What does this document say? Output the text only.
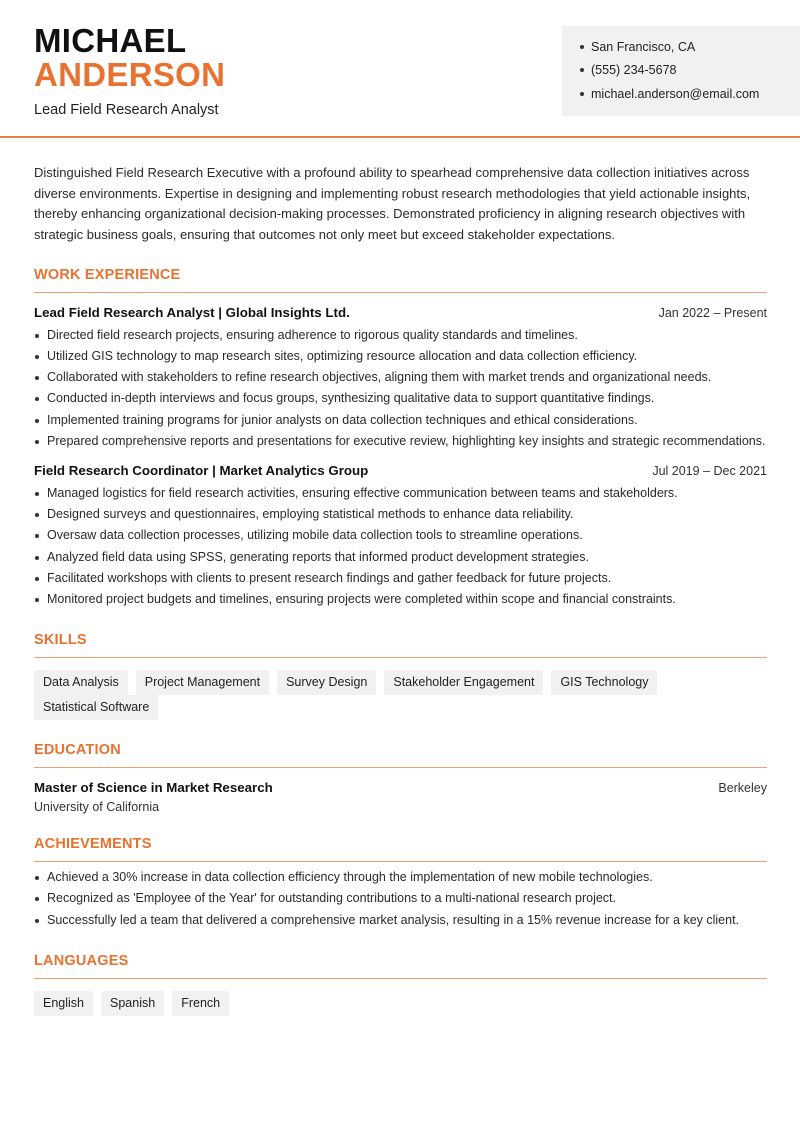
MICHAEL
ANDERSON
Lead Field Research Analyst
San Francisco, CA
(555) 234-5678
michael.anderson@email.com

Distinguished Field Research Executive with a profound ability to spearhead comprehensive data collection initiatives across diverse environments. Expertise in designing and implementing robust research methodologies that yield actionable insights, thereby enhancing organizational decision-making processes. Demonstrated proficiency in aligning research objectives with strategic business goals, ensuring that outcomes not only meet but exceed stakeholder expectations.

WORK EXPERIENCE
Lead Field Research Analyst | Global Insights Ltd.	Jan 2022 – Present
Directed field research projects, ensuring adherence to rigorous quality standards and timelines.
Utilized GIS technology to map research sites, optimizing resource allocation and data collection efficiency.
Collaborated with stakeholders to refine research objectives, aligning them with market trends and organizational needs.
Conducted in-depth interviews and focus groups, synthesizing qualitative data to support quantitative findings.
Implemented training programs for junior analysts on data collection techniques and ethical considerations.
Prepared comprehensive reports and presentations for executive review, highlighting key insights and strategic recommendations.
Field Research Coordinator | Market Analytics Group	Jul 2019 – Dec 2021
Managed logistics for field research activities, ensuring effective communication between teams and stakeholders.
Designed surveys and questionnaires, employing statistical methods to enhance data reliability.
Oversaw data collection processes, utilizing mobile data collection tools to streamline operations.
Analyzed field data using SPSS, generating reports that informed product development strategies.
Facilitated workshops with clients to present research findings and gather feedback for future projects.
Monitored project budgets and timelines, ensuring projects were completed within scope and financial constraints.
SKILLS
Data Analysis	Project Management	Survey Design	Stakeholder Engagement	GIS Technology
Statistical Software
EDUCATION
Master of Science in Market Research	Berkeley
University of California
ACHIEVEMENTS
Achieved a 30% increase in data collection efficiency through the implementation of new mobile technologies.
Recognized as 'Employee of the Year' for outstanding contributions to a multi-national research project.
Successfully led a team that delivered a comprehensive market analysis, resulting in a 15% revenue increase for a key client.
LANGUAGES
English	Spanish	French
